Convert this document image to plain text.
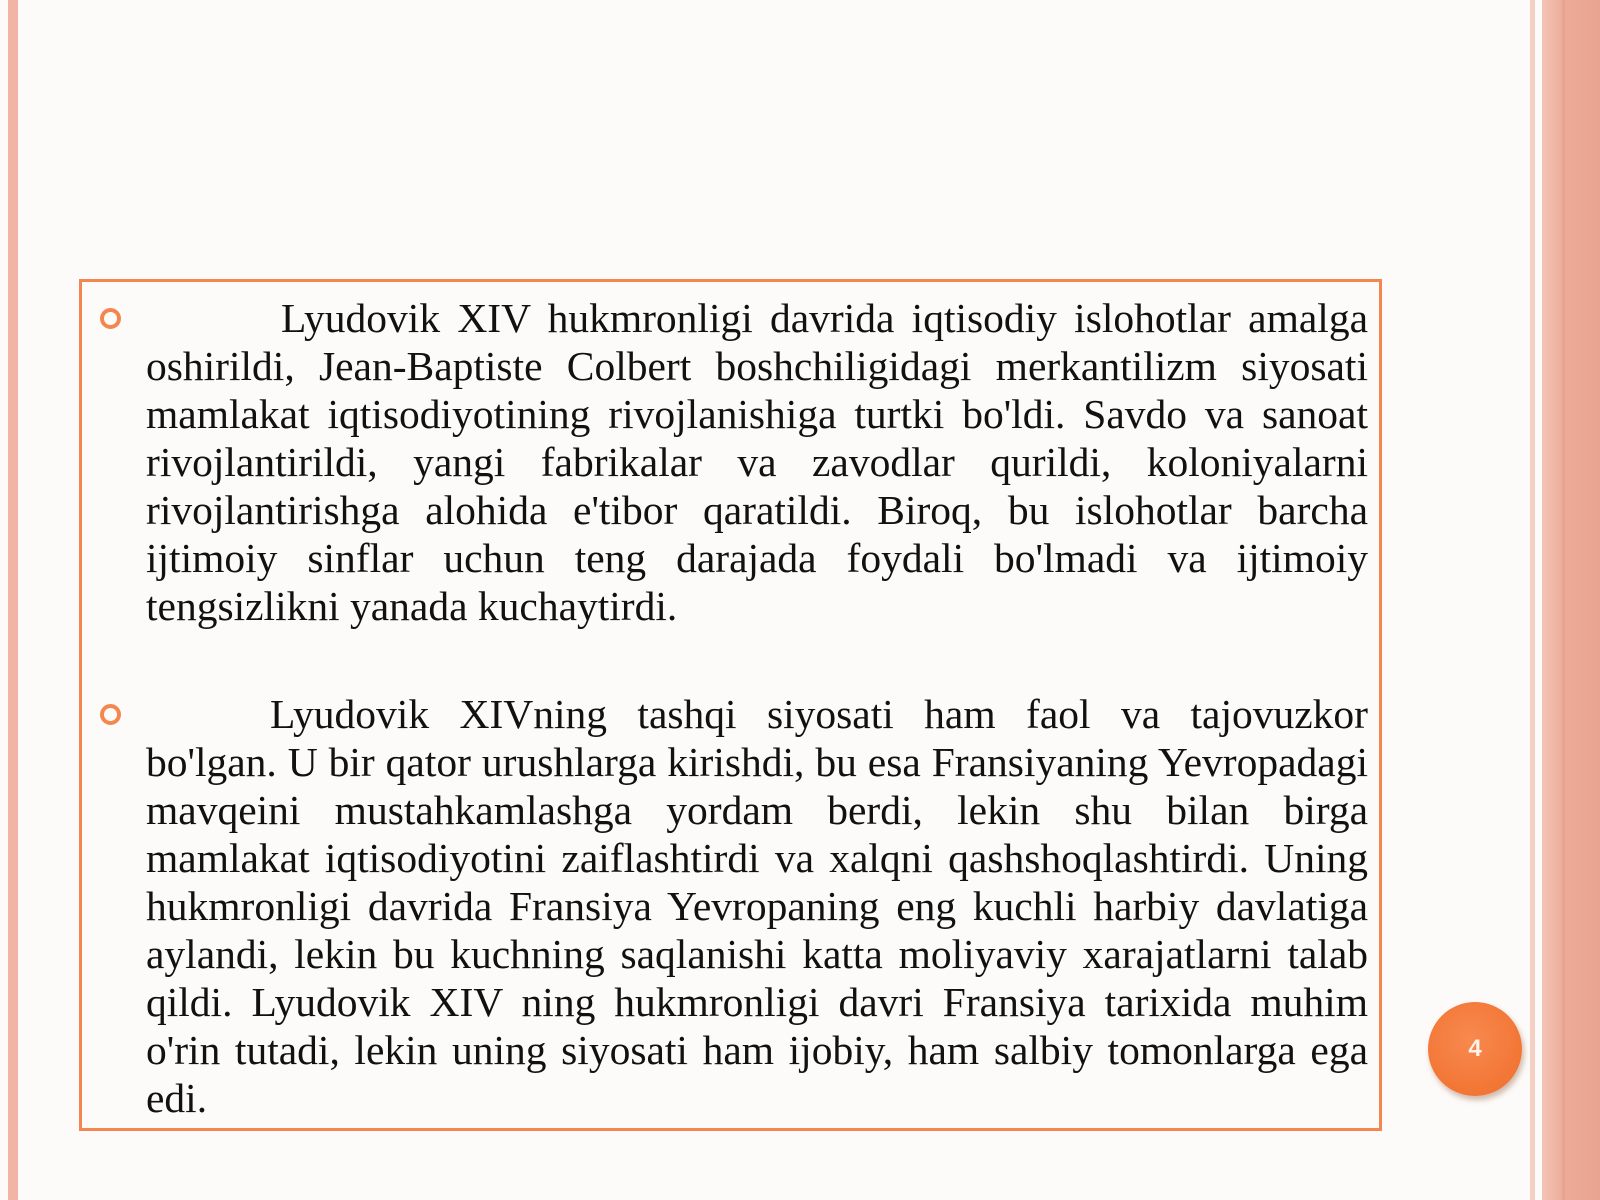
Lyudovik XIV hukmronligi davrida iqtisodiy islohotlar amalga oshirildi, Jean-Baptiste Colbert boshchiligidagi merkantilizm siyosati mamlakat iqtisodiyotining rivojlanishiga turtki bo'ldi. Savdo va sanoat rivojlantirildi, yangi fabrikalar va zavodlar qurildi, koloniyalarni rivojlantirishga alohida e'tibor qaratildi. Biroq, bu islohotlar barcha ijtimoiy sinflar uchun teng darajada foydali bo'lmadi va ijtimoiy tengsizlikni yanada kuchaytirdi.

Lyudovik XIVning tashqi siyosati ham faol va tajovuzkor bo'lgan. U bir qator urushlarga kirishdi, bu esa Fransiyaning Yevropadagi mavqeini mustahkamlashga yordam berdi, lekin shu bilan birga mamlakat iqtisodiyotini zaiflashtirdi va xalqni qashshoqlashtirdi. Uning hukmronligi davrida Fransiya Yevropaning eng kuchli harbiy davlatiga aylandi, lekin bu kuchning saqlanishi katta moliyaviy xarajatlarni talab qildi. Lyudovik XIV ning hukmronligi davri Fransiya tarixida muhim o'rin tutadi, lekin uning siyosati ham ijobiy, ham salbiy tomonlarga ega edi.

4
